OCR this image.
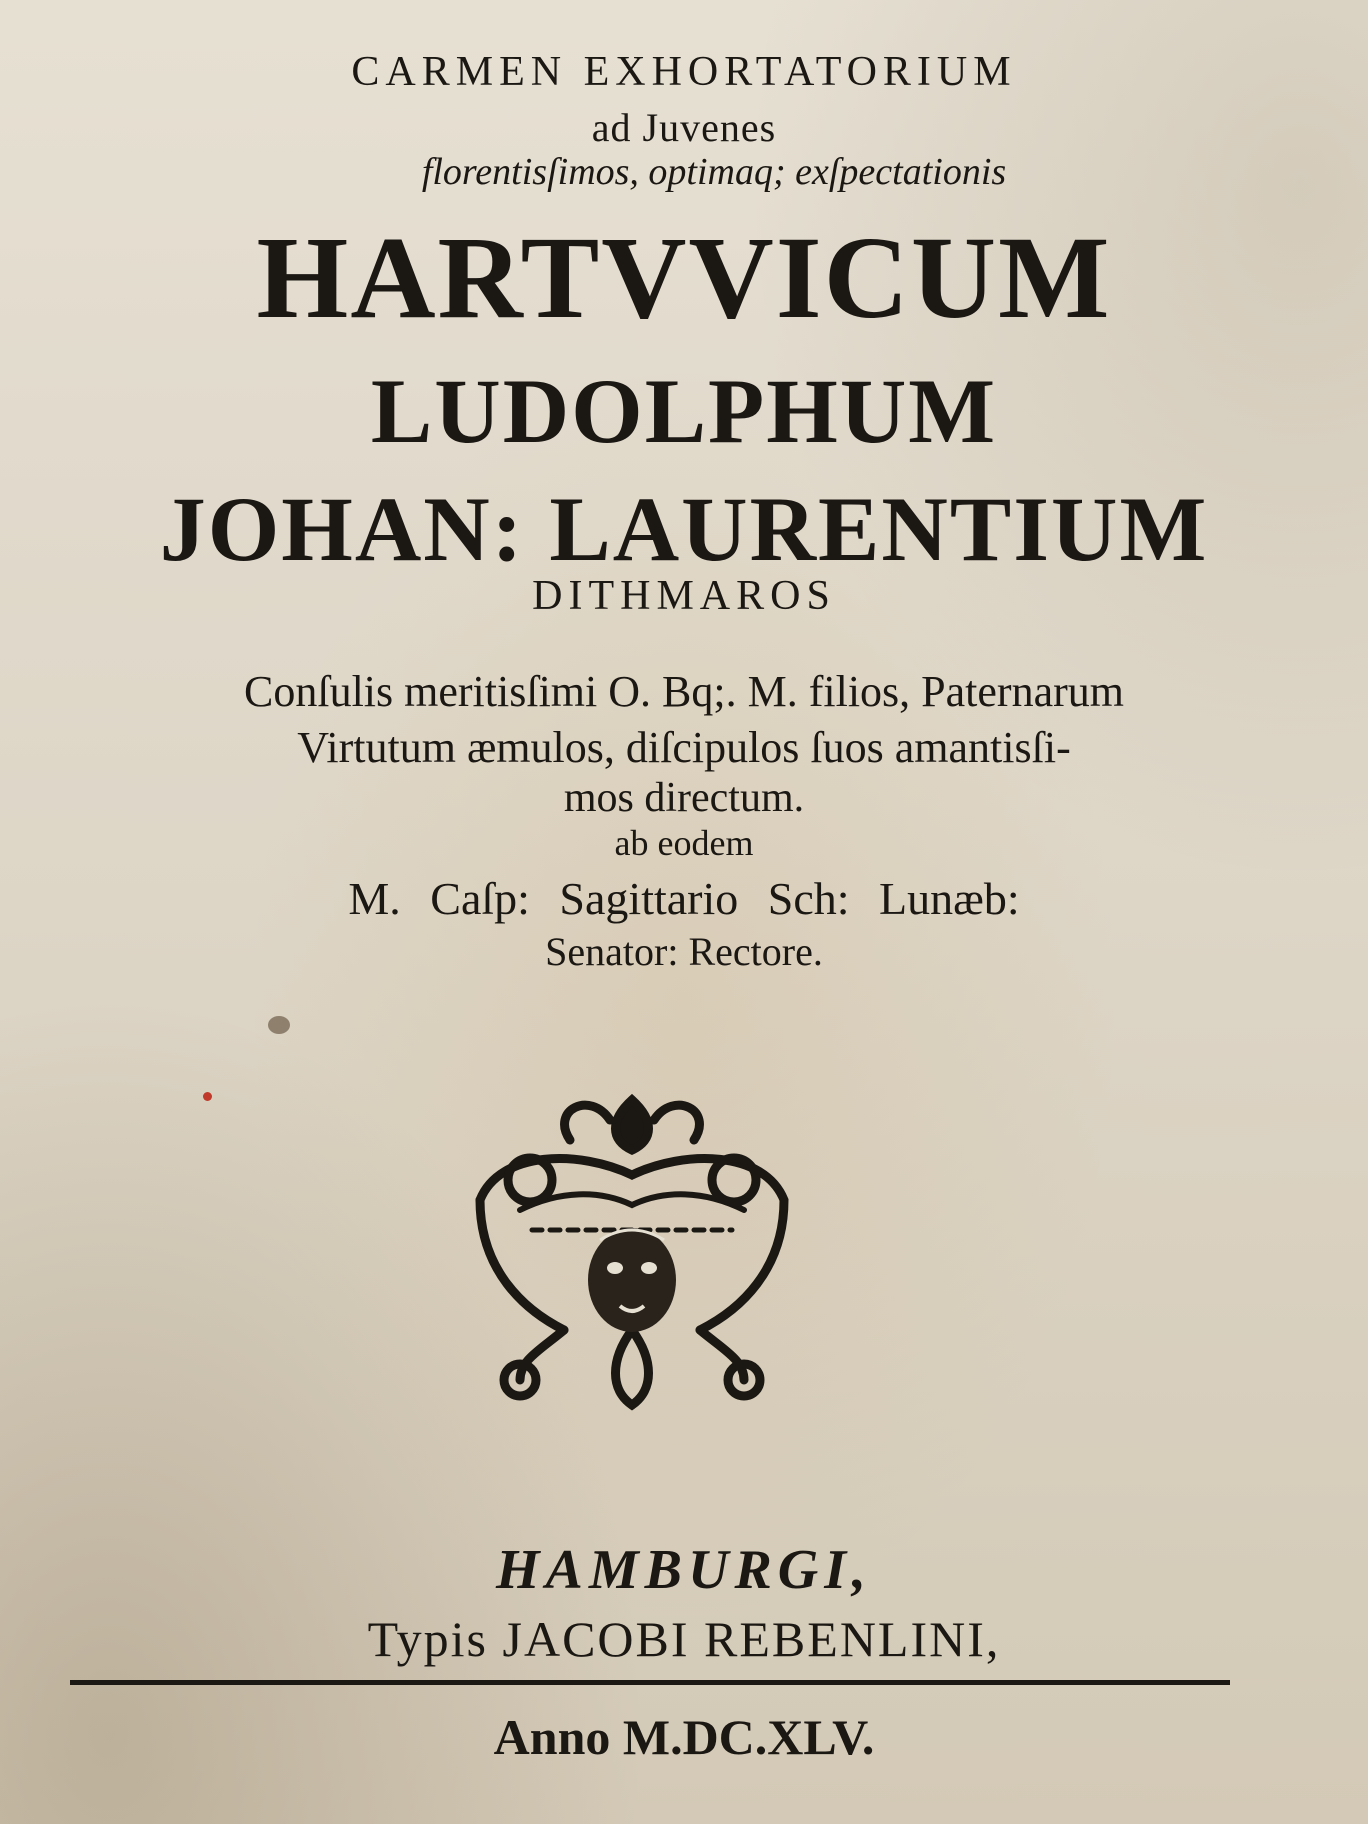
CARMEN EXHORTATORIUM
ad Juvenes
florentisſimos, optimaq; exſpectationis
HARTVVICUM
LUDOLPHUM
JOHAN: LAURENTIUM
DITHMAROS
Conſulis meritisſimi O. Bq;. M. filios, Paternarum
Virtutum æmulos, diſcipulos ſuos amantisſi-
mos directum.
ab eodem
M. Caſp: Sagittario Sch: Lunæb:
Senator: Rectore.
HAMBURGI,
Typis JACOBI REBENLINI,
Anno M.DC.XLV.
